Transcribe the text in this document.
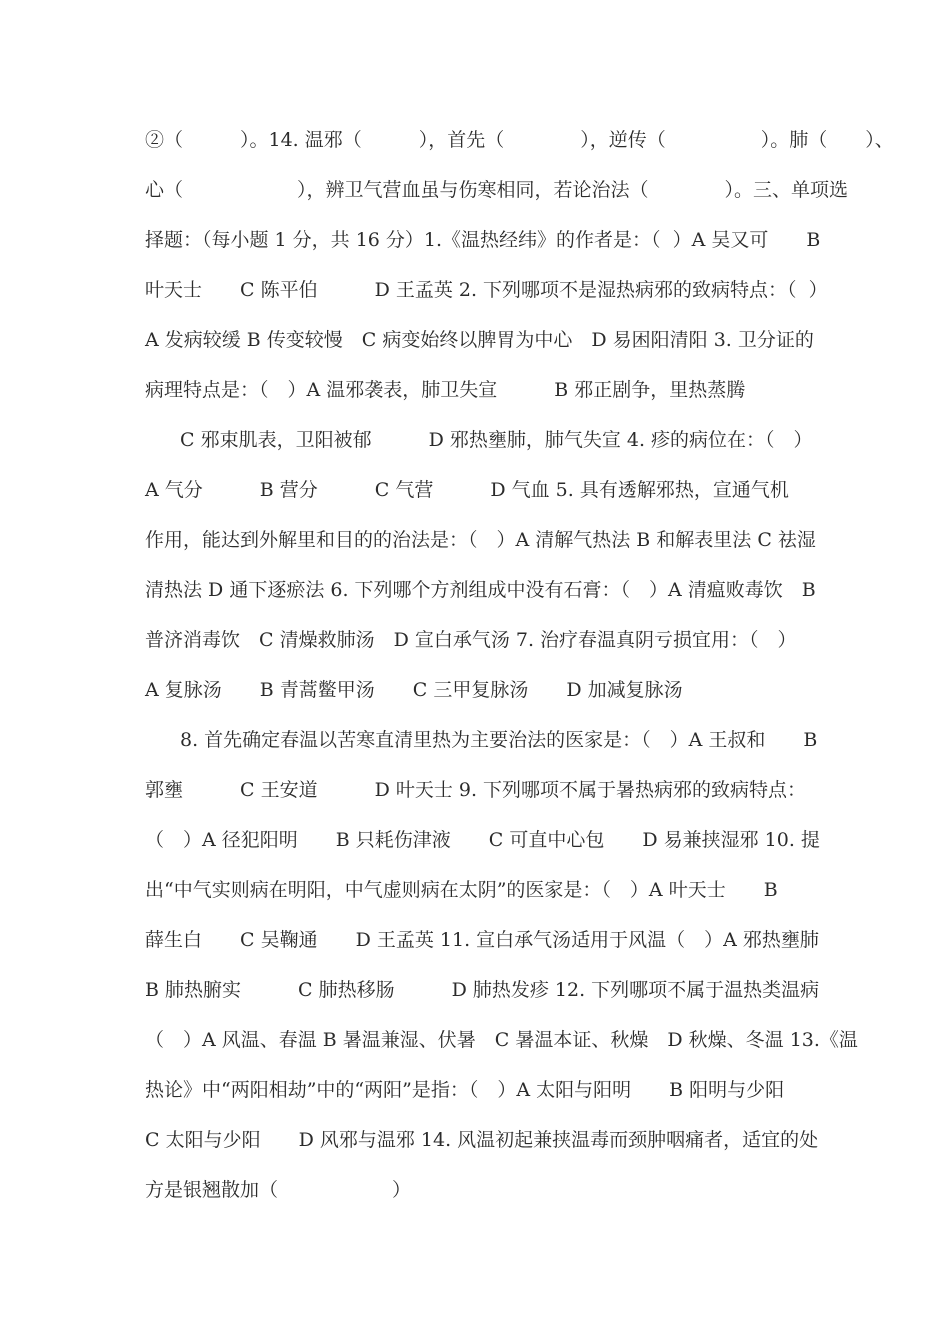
②（　　　）。14. 温邪（　　　），首先（　　　　），逆传（　　　　　）。肺（　　）、
心（　　　　　　），辨卫气营血虽与伤寒相同，若论治法（　　　　）。三、单项选
择题：（每小题 1 分，共 16 分）1.《温热经纬》的作者是：（  ）A 吴又可　　B
叶天士　　C 陈平伯　　　D 王孟英 2. 下列哪项不是湿热病邪的致病特点：（  ）
A 发病较缓 B 传变较慢　C 病变始终以脾胃为中心　D 易困阳清阳 3. 卫分证的
病理特点是：（　）A 温邪袭表，肺卫失宣　　　B 邪正剧争，里热蒸腾
C 邪束肌表，卫阳被郁　　　D 邪热壅肺，肺气失宣 4. 疹的病位在：（　）
A 气分　　　B 营分　　　C 气营　　　D 气血 5. 具有透解邪热，宣通气机
作用，能达到外解里和目的的治法是：（　）A 清解气热法 B 和解表里法 C 祛湿
清热法 D 通下逐瘀法 6. 下列哪个方剂组成中没有石膏：（　）A 清瘟败毒饮　B
普济消毒饮　C 清燥救肺汤　D 宣白承气汤 7. 治疗春温真阴亏损宜用：（　）
A 复脉汤　　B 青蒿鳖甲汤　　C 三甲复脉汤　　D 加减复脉汤
8. 首先确定春温以苦寒直清里热为主要治法的医家是：（　）A 王叔和　　B
郭壅　　　C 王安道　　　D 叶天士 9. 下列哪项不属于暑热病邪的致病特点：
（　）A 径犯阳明　　B 只耗伤津液　　C 可直中心包　　D 易兼挟湿邪 10. 提
出“中气实则病在明阳，中气虚则病在太阴”的医家是：（　）A 叶天士　　B
薛生白　　C 吴鞠通　　D 王孟英 11. 宣白承气汤适用于风温（　）A 邪热壅肺
B 肺热腑实　　　C 肺热移肠　　　D 肺热发疹 12. 下列哪项不属于温热类温病
（　）A 风温、春温 B 暑温兼湿、伏暑　C 暑温本证、秋燥　D 秋燥、冬温 13.《温
热论》中“两阳相劫”中的“两阳”是指：（　）A 太阳与阳明　　B 阳明与少阳
C 太阳与少阳　　D 风邪与温邪 14. 风温初起兼挟温毒而颈肿咽痛者，适宜的处
方是银翘散加（　　　　　　）
